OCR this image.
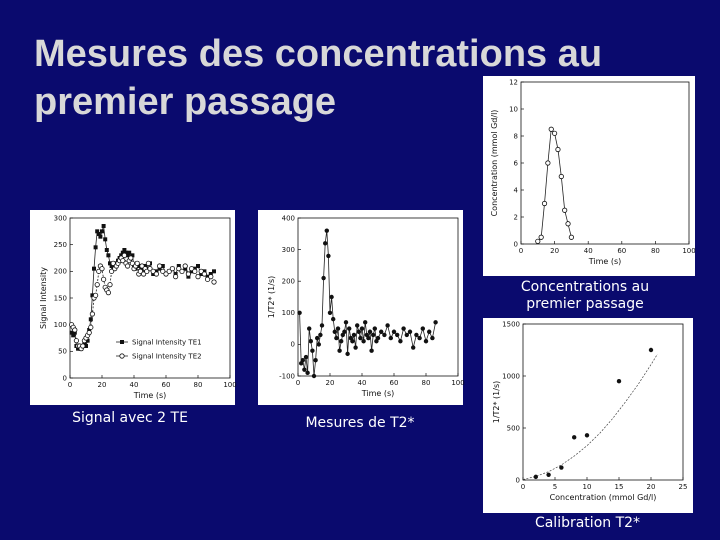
Mesures des concentrations au premier passage
0	20	40	60	80	100
0
50
100
150
200
250
300
Time (s)
Signal Intensity
Signal Intensity TE1
Signal Intensity TE2
0	20	40	60	80	100
-100
0
100
200
300
400
Time (s)
1/T2* (1/s)
0	20	40	60	80	100
0
2
4
6
8
10
12
Time (s)
Concentration (mmol Gd/l)
0	5	10	15	20	25
0
500
1000
1500
Concentration (mmol Gd/l)
1/T2* (1/s)
Signal avec 2 TE	Mesures de T2*
Concentrations au premier passage
Calibration T2*
